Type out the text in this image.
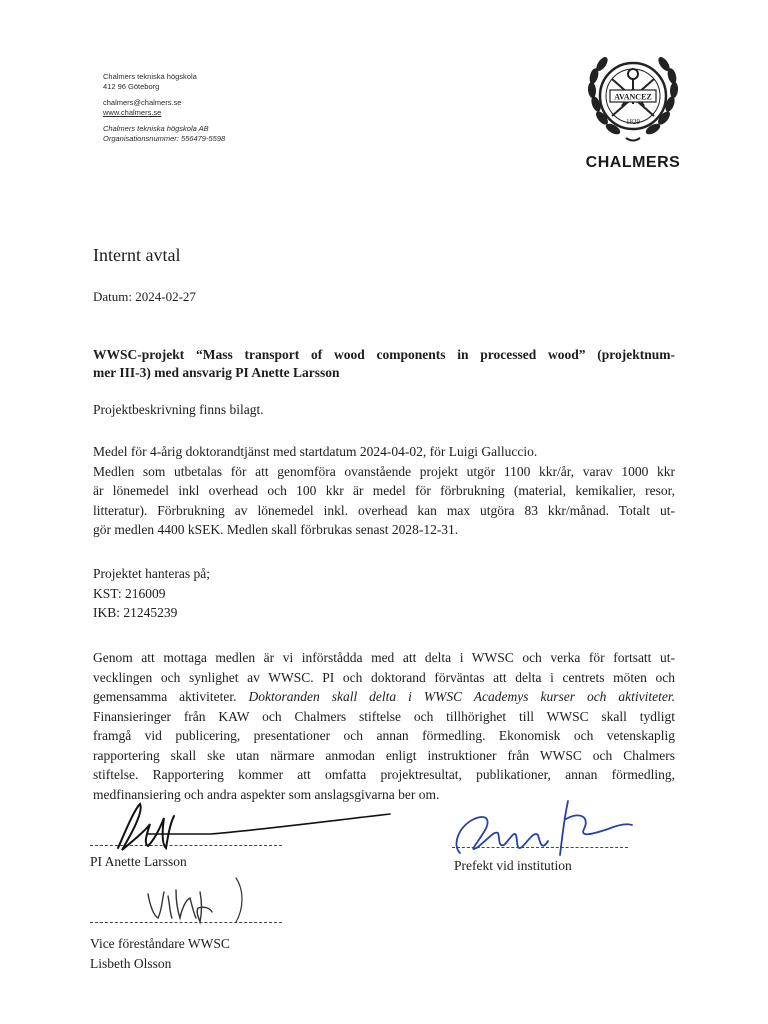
Chalmers tekniska högskola
412 96 Göteborg
chalmers@chalmers.se
www.chalmers.se
Chalmers tekniska högskola AB
Organisationsnummer: 556479-5598
AVANCEZ
1829
CHALMERS
Internt avtal
Datum: 2024-02-27
WWSC-projekt “Mass transport of wood components in processed wood” (projektnum-
mer III-3) med ansvarig PI Anette Larsson
Projektbeskrivning finns bilagt.
Medel för 4-årig doktorandtjänst med startdatum 2024-04-02, för Luigi Galluccio.
Medlen som utbetalas för att genomföra ovanstående projekt utgör 1100 kkr/år, varav 1000 kkr
är lönemedel inkl overhead och 100 kkr är medel för förbrukning (material, kemikalier, resor,
litteratur). Förbrukning av lönemedel inkl. overhead kan max utgöra 83 kkr/månad. Totalt ut-
gör medlen 4400 kSEK. Medlen skall förbrukas senast 2028-12-31.
Projektet hanteras på;
KST: 216009
IKB: 21245239
Genom att mottaga medlen är vi införstådda med att delta i WWSC och verka för fortsatt ut-
vecklingen och synlighet av WWSC. PI och doktorand förväntas att delta i centrets möten och
gemensamma aktiviteter. Doktoranden skall delta i WWSC Academys kurser och aktiviteter.
Finansieringer från KAW och Chalmers stiftelse och tillhörighet till WWSC skall tydligt
framgå vid publicering, presentationer och annan förmedling. Ekonomisk och vetenskaplig
rapportering skall ske utan närmare anmodan enligt instruktioner från WWSC och Chalmers
stiftelse. Rapportering kommer att omfatta projektresultat, publikationer, annan förmedling,
medfinansiering och andra aspekter som anslagsgivarna ber om.
PI Anette Larsson	Prefekt vid institution
Vice föreståndare WWSC
Lisbeth Olsson
